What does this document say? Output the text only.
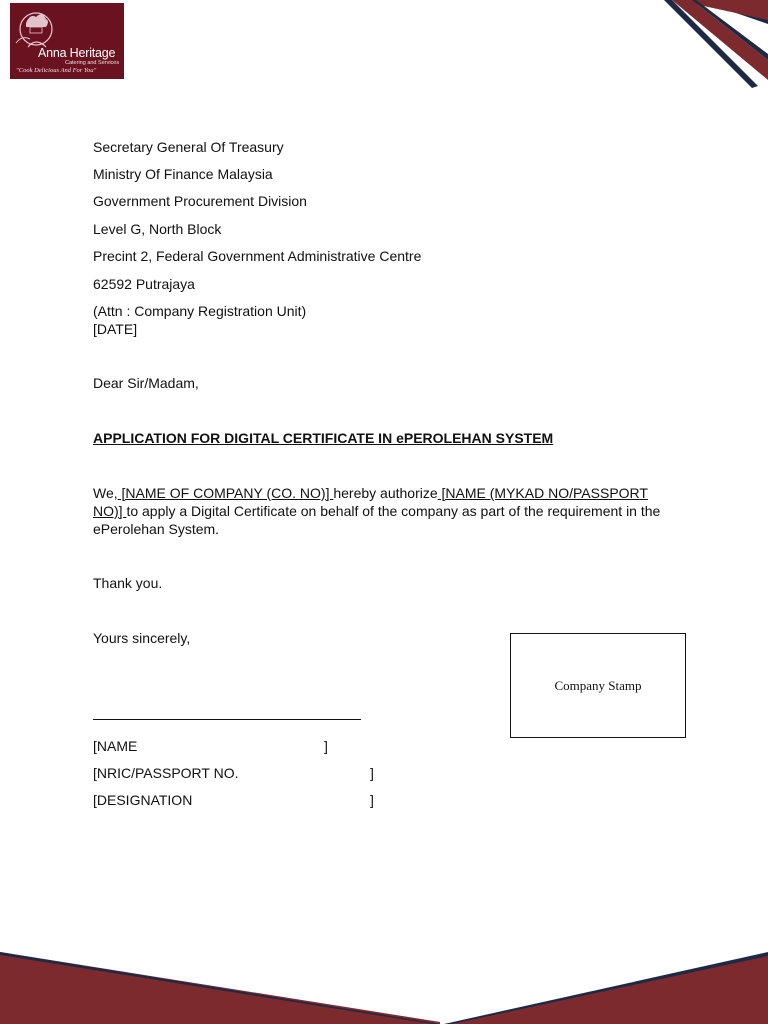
Anna Heritage
Catering and Services
"Cook Delicious And For You"
Secretary General Of Treasury
Ministry Of Finance Malaysia
Government Procurement Division
Level G, North Block
Precint 2, Federal Government Administrative Centre
62592 Putrajaya
(Attn : Company Registration Unit)
[DATE]
Dear Sir/Madam,
APPLICATION FOR DIGITAL CERTIFICATE IN ePEROLEHAN SYSTEM
We, [NAME OF COMPANY (CO. NO)] hereby authorize [NAME (MYKAD NO/PASSPORT NO)] to apply a Digital Certificate on behalf of the company as part of the requirement in the ePerolehan System.
Thank you.
Yours sincerely,
Company Stamp
[NAME	]
[NRIC/PASSPORT NO.	]
[DESIGNATION	]
